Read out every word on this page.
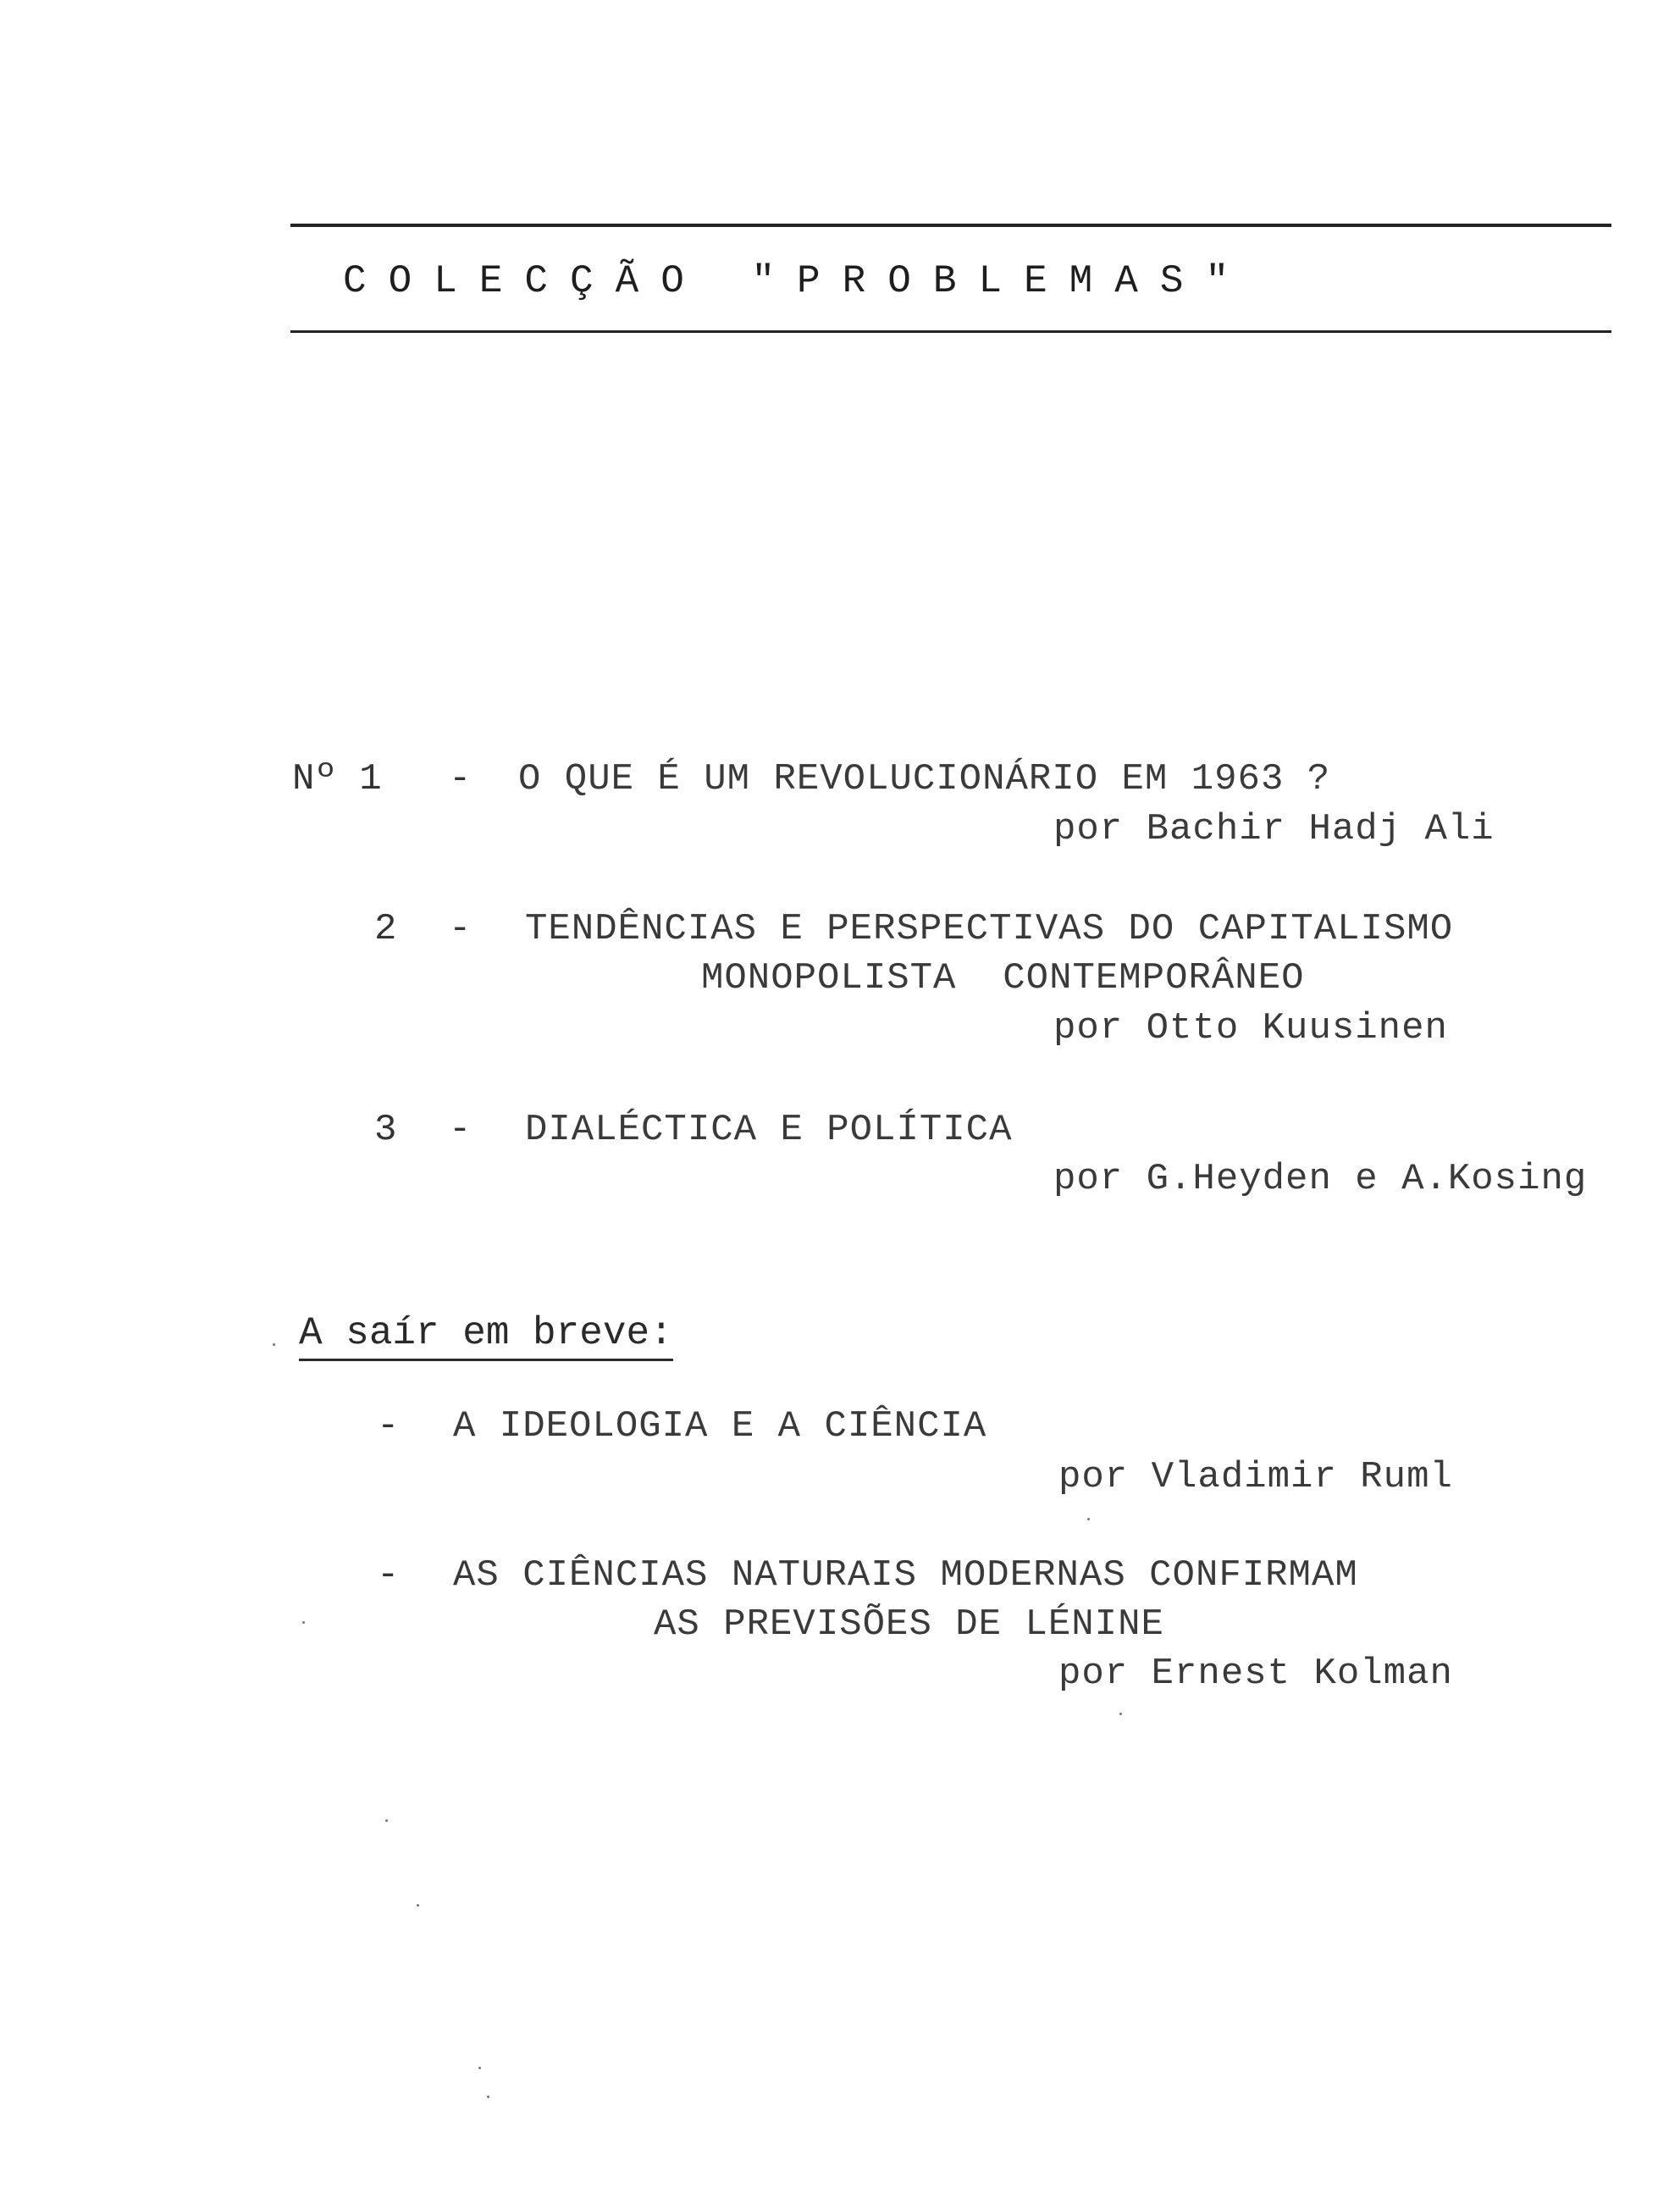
COLECÇÃO "PROBLEMAS"
Nº 1 - O QUE É UM REVOLUCIONÁRIO EM 1963 ?
por Bachir Hadj Ali
2 - TENDÊNCIAS E PERSPECTIVAS DO CAPITALISMO
MONOPOLISTA  CONTEMPORÂNEO
por Otto Kuusinen
3 - DIALÉCTICA E POLÍTICA
por G.Heyden e A.Kosing
A saír em breve:
- A IDEOLOGIA E A CIÊNCIA
por Vladimir Ruml
- AS CIÊNCIAS NATURAIS MODERNAS CONFIRMAM
AS PREVISÕES DE LÉNINE
por Ernest Kolman
